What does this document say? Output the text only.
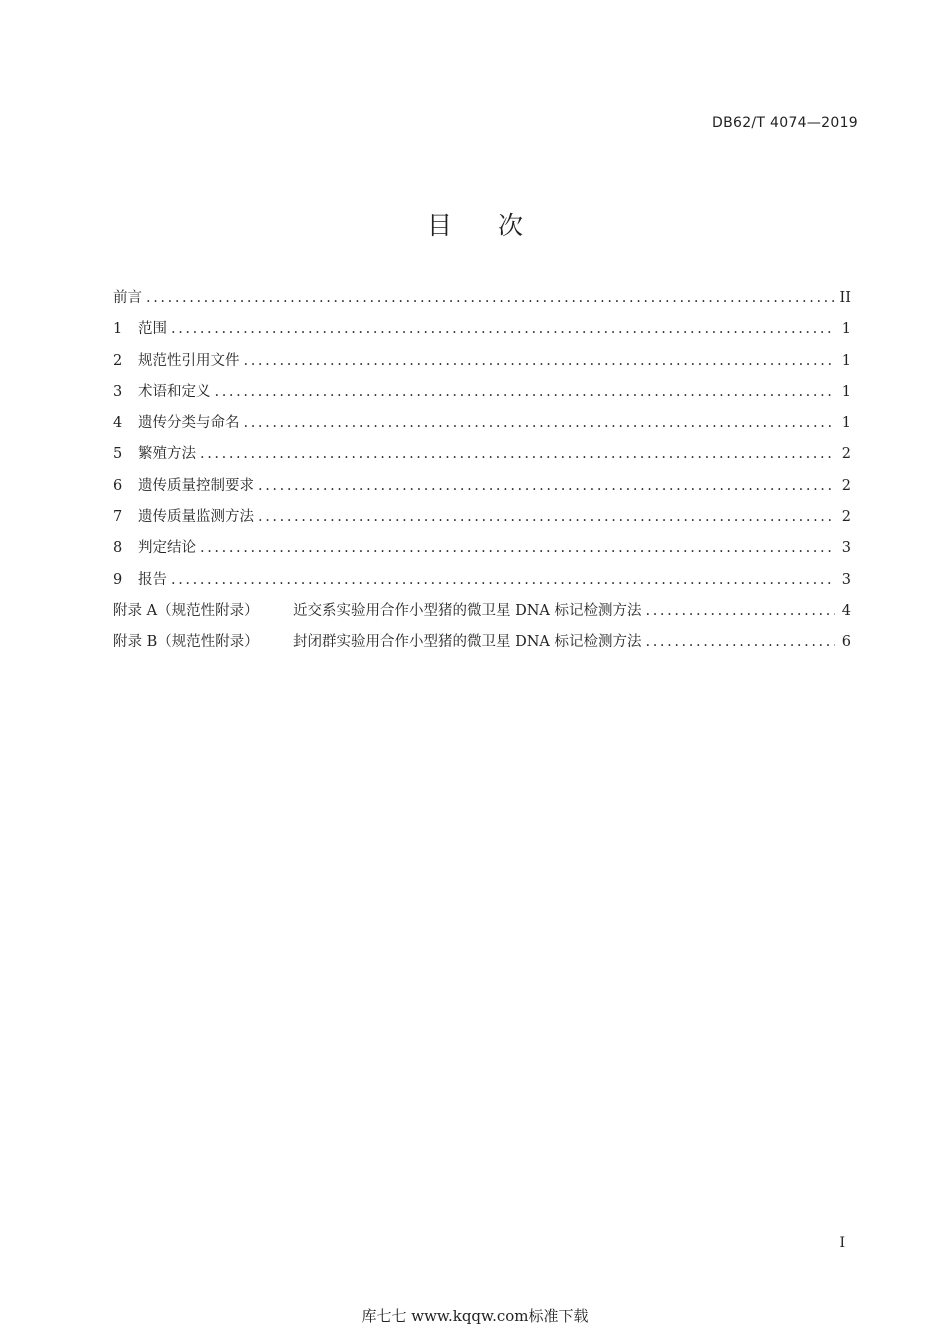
DB62/T 4074—2019
目 次
前言 .....	II
1	范围 .....	1
2	规范性引用文件 .....	1
3	术语和定义 .....	1
4	遗传分类与命名 .....	1
5	繁殖方法 .....	2
6	遗传质量控制要求 .....	2
7	遗传质量监测方法 .....	2
8	判定结论 .....	3
9	报告 .....	3
附录 A（规范性附录）	近交系实验用合作小型猪的微卫星 DNA 标记检测方法 .....	4
附录 B（规范性附录）	封闭群实验用合作小型猪的微卫星 DNA 标记检测方法 .....	6
I
库七七 www.kqqw.com标准下载
